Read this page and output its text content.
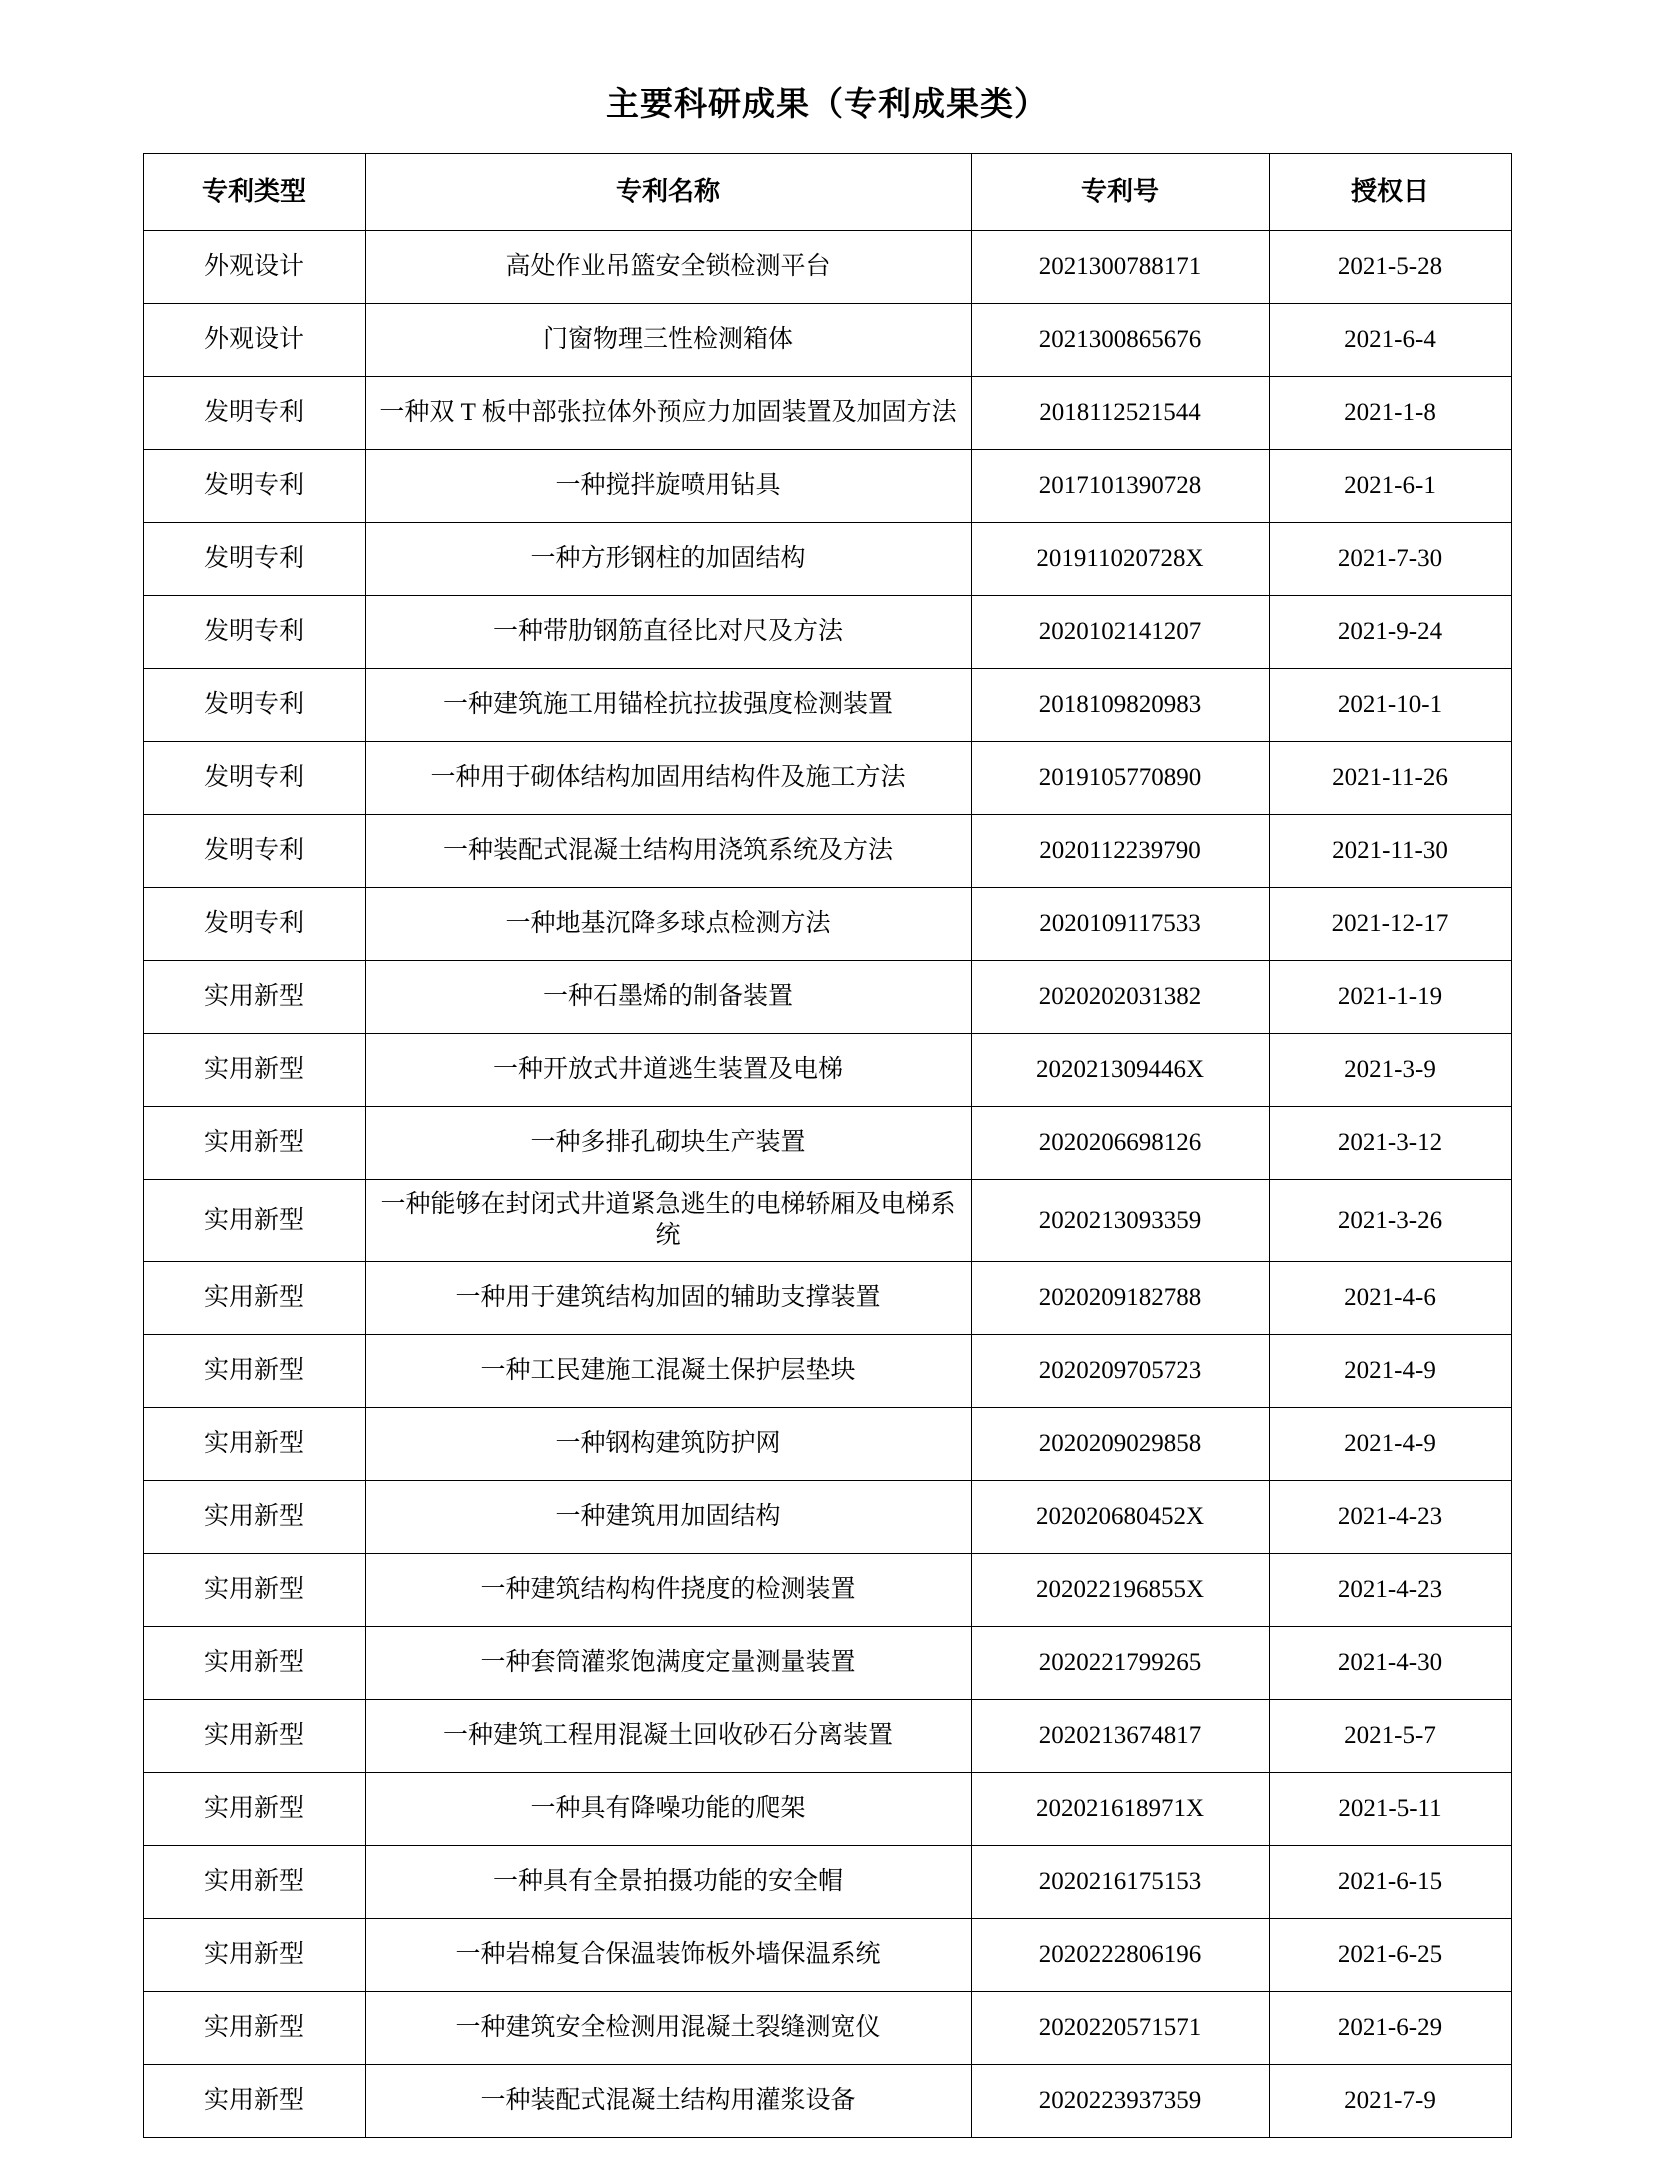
主要科研成果（专利成果类）
专利类型	专利名称	专利号	授权日
外观设计	高处作业吊篮安全锁检测平台	2021300788171	2021-5-28
外观设计	门窗物理三性检测箱体	2021300865676	2021-6-4
发明专利	一种双 T 板中部张拉体外预应力加固装置及加固方法	2018112521544	2021-1-8
发明专利	一种搅拌旋喷用钻具	2017101390728	2021-6-1
发明专利	一种方形钢柱的加固结构	201911020728X	2021-7-30
发明专利	一种带肋钢筋直径比对尺及方法	2020102141207	2021-9-24
发明专利	一种建筑施工用锚栓抗拉拔强度检测装置	2018109820983	2021-10-1
发明专利	一种用于砌体结构加固用结构件及施工方法	2019105770890	2021-11-26
发明专利	一种装配式混凝土结构用浇筑系统及方法	2020112239790	2021-11-30
发明专利	一种地基沉降多球点检测方法	2020109117533	2021-12-17
实用新型	一种石墨烯的制备装置	2020202031382	2021-1-19
实用新型	一种开放式井道逃生装置及电梯	202021309446X	2021-3-9
实用新型	一种多排孔砌块生产装置	2020206698126	2021-3-12
实用新型	一种能够在封闭式井道紧急逃生的电梯轿厢及电梯系统	2020213093359	2021-3-26
实用新型	一种用于建筑结构加固的辅助支撑装置	2020209182788	2021-4-6
实用新型	一种工民建施工混凝土保护层垫块	2020209705723	2021-4-9
实用新型	一种钢构建筑防护网	2020209029858	2021-4-9
实用新型	一种建筑用加固结构	202020680452X	2021-4-23
实用新型	一种建筑结构构件挠度的检测装置	202022196855X	2021-4-23
实用新型	一种套筒灌浆饱满度定量测量装置	2020221799265	2021-4-30
实用新型	一种建筑工程用混凝土回收砂石分离装置	2020213674817	2021-5-7
实用新型	一种具有降噪功能的爬架	202021618971X	2021-5-11
实用新型	一种具有全景拍摄功能的安全帽	2020216175153	2021-6-15
实用新型	一种岩棉复合保温装饰板外墙保温系统	2020222806196	2021-6-25
实用新型	一种建筑安全检测用混凝土裂缝测宽仪	2020220571571	2021-6-29
实用新型	一种装配式混凝土结构用灌浆设备	2020223937359	2021-7-9
